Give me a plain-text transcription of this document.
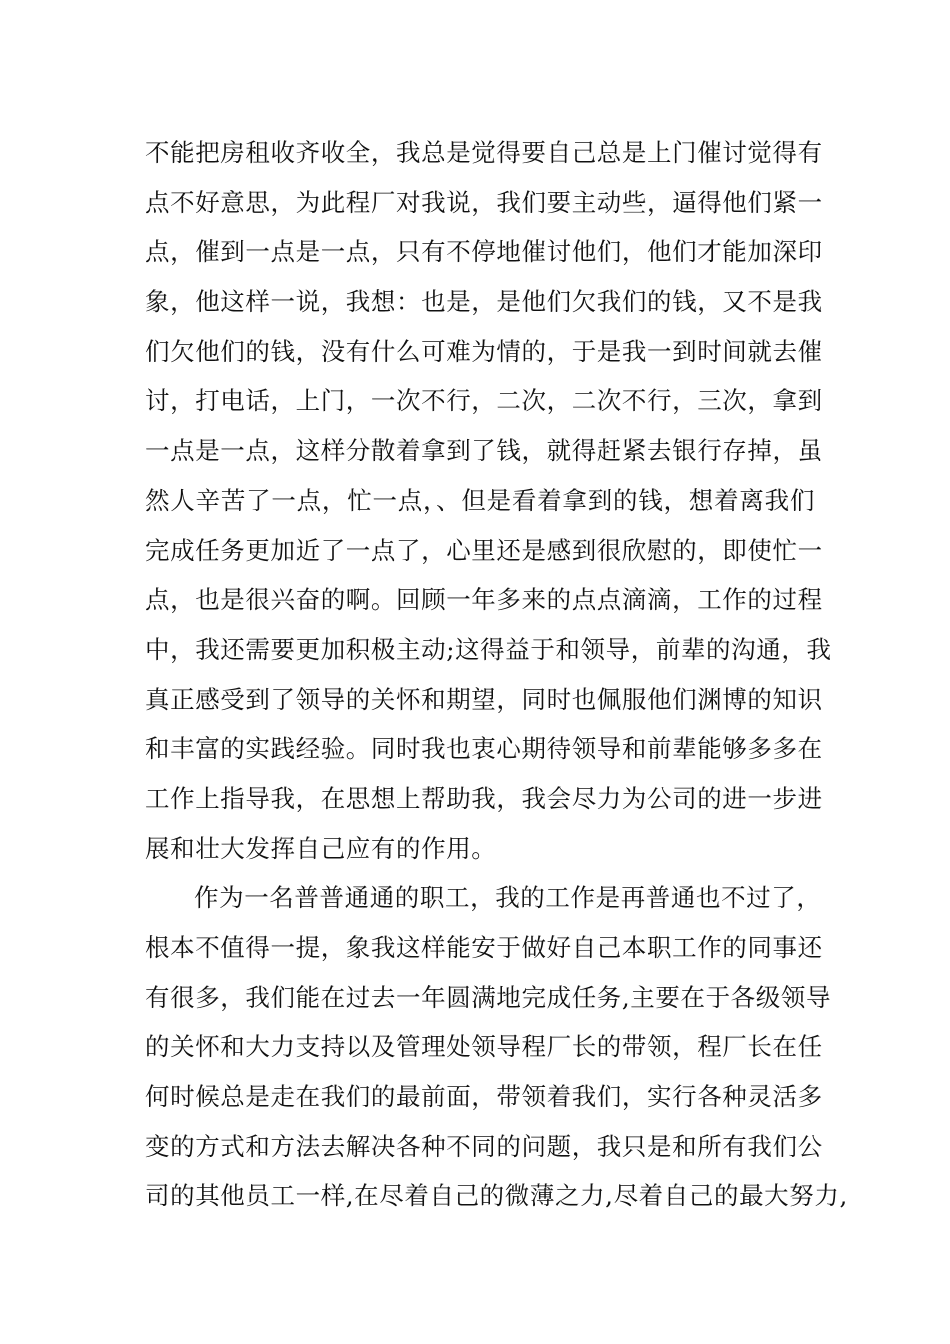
不能把房租收齐收全，我总是觉得要自己总是上门催讨觉得有
点不好意思，为此程厂对我说，我们要主动些，逼得他们紧一
点，催到一点是一点，只有不停地催讨他们，他们才能加深印
象，他这样一说，我想：也是，是他们欠我们的钱，又不是我
们欠他们的钱，没有什么可难为情的，于是我一到时间就去催
讨，打电话，上门，一次不行，二次，二次不行，三次，拿到
一点是一点，这样分散着拿到了钱，就得赶紧去银行存掉，虽
然人辛苦了一点，忙一点，、但是看着拿到的钱，想着离我们
完成任务更加近了一点了，心里还是感到很欣慰的，即使忙一
点，也是很兴奋的啊。回顾一年多来的点点滴滴，工作的过程
中，我还需要更加积极主动;这得益于和领导，前辈的沟通，我
真正感受到了领导的关怀和期望，同时也佩服他们渊博的知识
和丰富的实践经验。同时我也衷心期待领导和前辈能够多多在
工作上指导我，在思想上帮助我，我会尽力为公司的进一步进
展和壮大发挥自己应有的作用。
作为一名普普通通的职工，我的工作是再普通也不过了，
根本不值得一提，象我这样能安于做好自己本职工作的同事还
有很多，我们能在过去一年圆满地完成任务,主要在于各级领导
的关怀和大力支持以及管理处领导程厂长的带领，程厂长在任
何时候总是走在我们的最前面，带领着我们，实行各种灵活多
变的方式和方法去解决各种不同的问题，我只是和所有我们公
司的其他员工一样,在尽着自己的微薄之力,尽着自己的最大努力,
